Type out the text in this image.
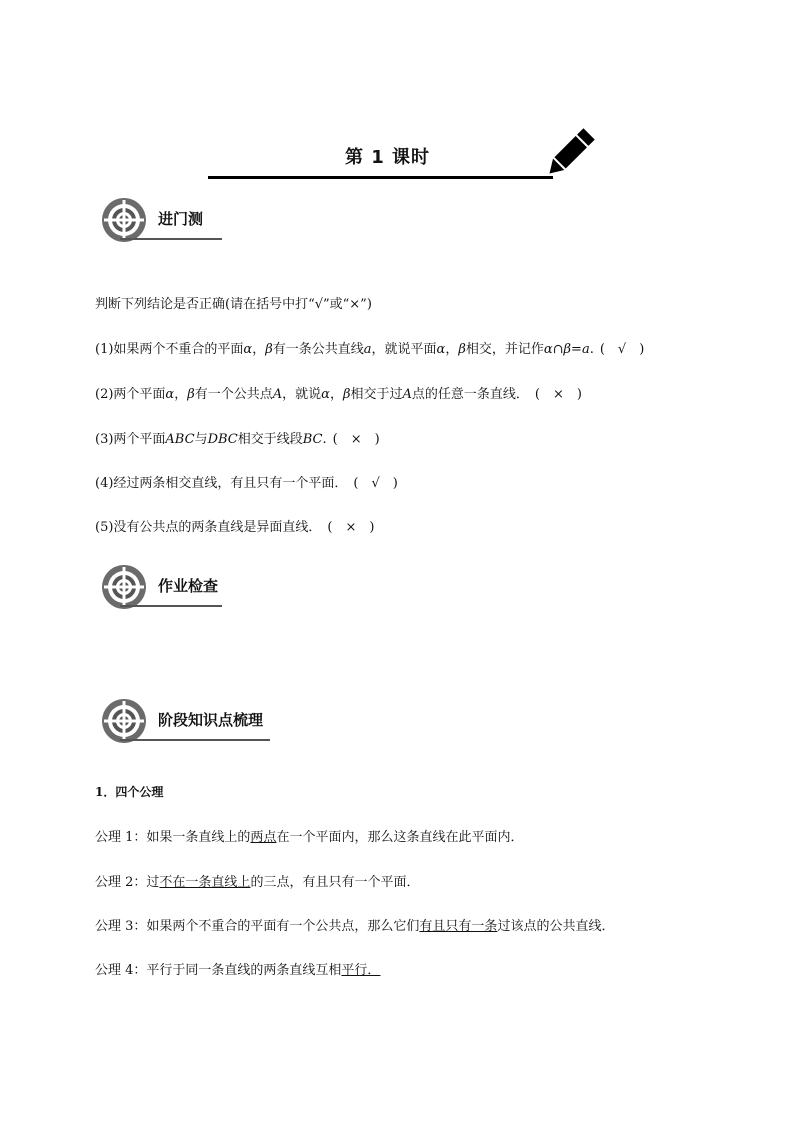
第 1 课时
进门测
判断下列结论是否正确(请在括号中打“√”或“×”)
(1)如果两个不重合的平面α，β有一条公共直线a，就说平面α，β相交，并记作α∩β=a. (　√　)
(2)两个平面α，β有一个公共点A，就说α，β相交于过A点的任意一条直线． (　×　)
(3)两个平面ABC与DBC相交于线段BC. (　×　)
(4)经过两条相交直线，有且只有一个平面． (　√　)
(5)没有公共点的两条直线是异面直线． (　×　)
作业检查
阶段知识点梳理
1．四个公理
公理 1：如果一条直线上的两点在一个平面内，那么这条直线在此平面内．
公理 2：过不在一条直线上的三点，有且只有一个平面．
公理 3：如果两个不重合的平面有一个公共点，那么它们有且只有一条过该点的公共直线．
公理 4：平行于同一条直线的两条直线互相平行．
